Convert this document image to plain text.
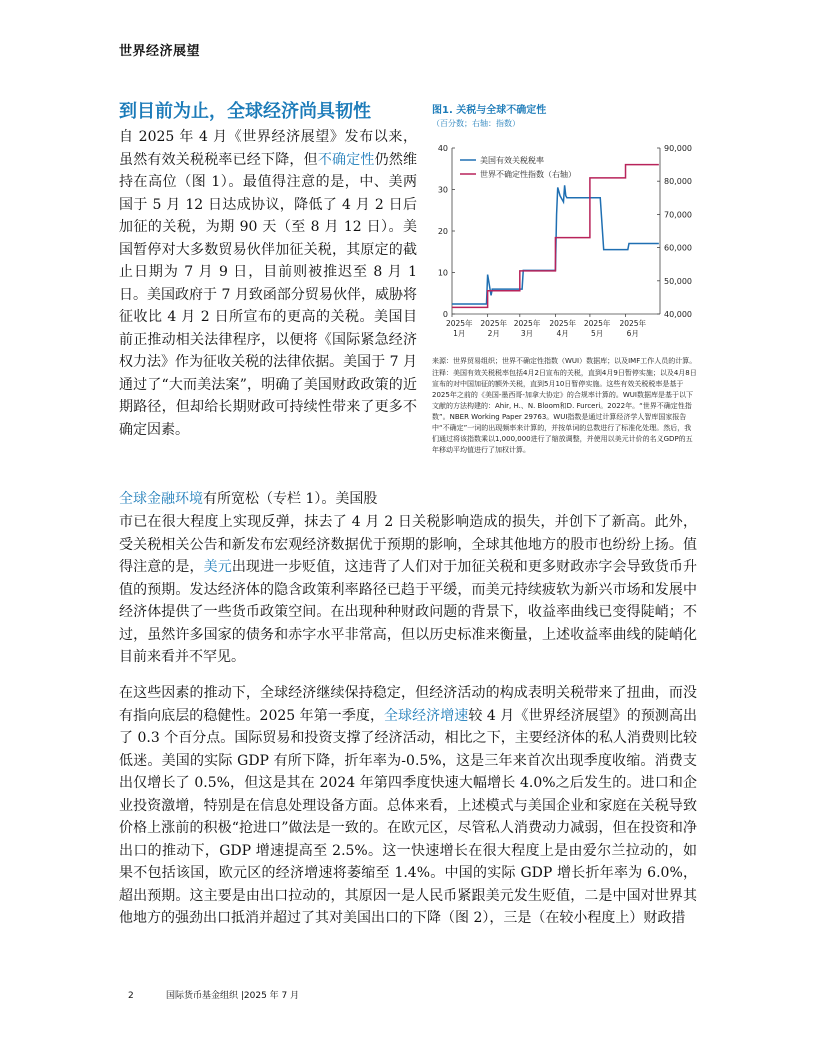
世界经济展望
到目前为止，全球经济尚具韧性

自 2025 年 4 月《世界经济展望》发布以来，虽然有效关税税率已经下降，但不确定性仍然维持在高位（图 1）。最值得注意的是，中、美两国于 5 月 12 日达成协议，降低了 4 月 2 日后加征的关税，为期 90 天（至 8 月 12 日）。美国暂停对大多数贸易伙伴加征关税，其原定的截止日期为 7 月 9 日，目前则被推迟至 8 月 1 日。美国政府于 7 月致函部分贸易伙伴，威胁将征收比 4 月 2 日所宣布的更高的关税。美国目前正推动相关法律程序，以便将《国际紧急经济权力法》作为征收关税的法律依据。美国于 7 月通过了“大而美法案”，明确了美国财政政策的近期路径，但却给长期财政可持续性带来了更多不确定因素。

全球金融环境有所宽松（专栏 1）。美国股

市已在很大程度上实现反弹，抹去了 4 月 2 日关税影响造成的损失，并创下了新高。此外，受关税相关公告和新发布宏观经济数据优于预期的影响，全球其他地方的股市也纷纷上扬。值得注意的是，美元出现进一步贬值，这违背了人们对于加征关税和更多财政赤字会导致货币升值的预期。发达经济体的隐含政策利率路径已趋于平缓，而美元持续疲软为新兴市场和发展中经济体提供了一些货币政策空间。在出现种种财政问题的背景下，收益率曲线已变得陡峭；不过，虽然许多国家的债务和赤字水平非常高，但以历史标准来衡量，上述收益率曲线的陡峭化目前来看并不罕见。

在这些因素的推动下，全球经济继续保持稳定，但经济活动的构成表明关税带来了扭曲，而没有指向底层的稳健性。2025 年第一季度，全球经济增速较 4 月《世界经济展望》的预测高出了 0.3 个百分点。国际贸易和投资支撑了经济活动，相比之下，主要经济体的私人消费则比较低迷。美国的实际 GDP 有所下降，折年率为-0.5%，这是三年来首次出现季度收缩。消费支出仅增长了 0.5%，但这是其在 2024 年第四季度快速大幅增长 4.0%之后发生的。进口和企业投资激增，特别是在信息处理设备方面。总体来看，上述模式与美国企业和家庭在关税导致价格上涨前的积极“抢进口”做法是一致的。在欧元区，尽管私人消费动力减弱，但在投资和净出口的推动下，GDP 增速提高至 2.5%。这一快速增长在很大程度上是由爱尔兰拉动的，如果不包括该国，欧元区的经济增速将萎缩至 1.4%。中国的实际 GDP 增长折年率为 6.0%，超出预期。这主要是由出口拉动的，其原因一是人民币紧跟美元发生贬值，二是中国对世界其他地方的强劲出口抵消并超过了其对美国出口的下降（图 2），三是（在较小程度上）财政措

图1. 关税与全球不确定性
（百分数；右轴：指数）
0
10
20
30
40
40,000
50,000
60,000
70,000
80,000
90,000
2025年
1月
2025年
2月
2025年
3月
2025年
4月
2025年
5月
2025年
6月
美国有效关税税率
世界不确定性指数（右轴）

来源：世界贸易组织；世界不确定性指数（WUI）数据库；以及IMF工作人员的计算。

注释：美国有效关税税率包括4月2日宣布的关税，直到4月9日暂停实施；以及4月8日宣布的对中国加征的额外关税，直到5月10日暂停实施。这些有效关税税率是基于2025年之前的《美国-墨西哥-加拿大协定》的合规率计算的。WUI数据库是基于以下文献的方法构建的：Ahir, H.、N. Bloom和D. Furceri。2022年。“世界不确定性指数”。NBER Working Paper 29763。WUI指数是通过计算经济学人智库国家报告中“不确定”一词的出现频率来计算的，并按单词的总数进行了标准化处理。然后，我们通过将该指数乘以1,000,000进行了缩放调整，并使用以美元计价的名义GDP的五年移动平均值进行了加权计算。

2	国际货币基金组织 |2025 年 7 月
